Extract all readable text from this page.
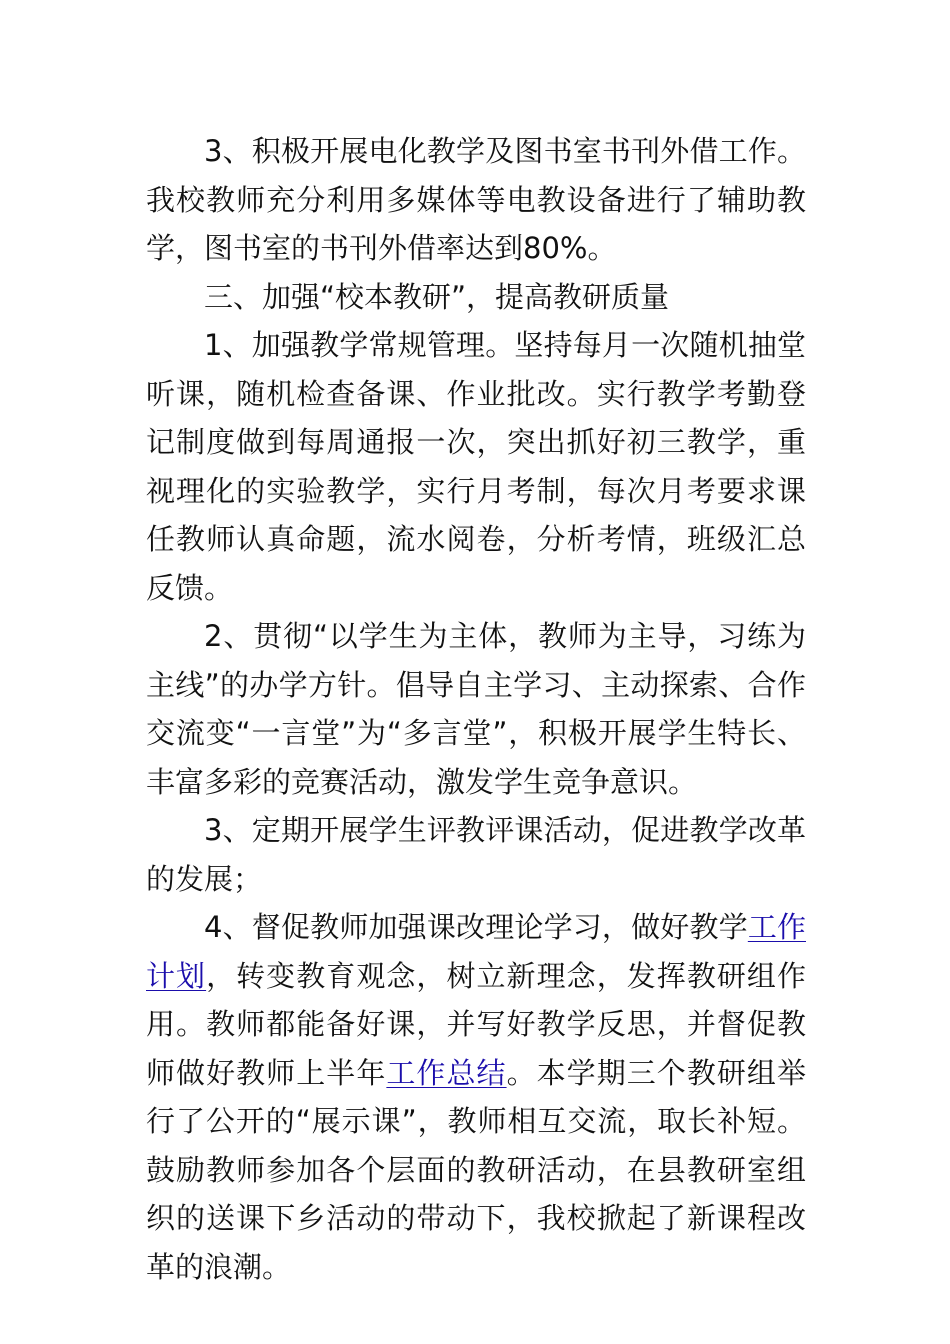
3、积极开展电化教学及图书室书刊外借工作。我校教师充分利用多媒体等电教设备进行了辅助教学，图书室的书刊外借率达到80%。

三、加强“校本教研”，提高教研质量

1、加强教学常规管理。坚持每月一次随机抽堂听课，随机检查备课、作业批改。实行教学考勤登记制度做到每周通报一次，突出抓好初三教学，重视理化的实验教学，实行月考制，每次月考要求课任教师认真命题，流水阅卷，分析考情，班级汇总反馈。

2、贯彻“以学生为主体，教师为主导，习练为主线”的办学方针。倡导自主学习、主动探索、合作交流变“一言堂”为“多言堂”，积极开展学生特长、丰富多彩的竞赛活动，激发学生竞争意识。

3、定期开展学生评教评课活动，促进教学改革的发展；

4、督促教师加强课改理论学习，做好教学工作计划，转变教育观念，树立新理念，发挥教研组作用。教师都能备好课，并写好教学反思，并督促教师做好教师上半年工作总结。本学期三个教研组举行了公开的“展示课”，教师相互交流，取长补短。鼓励教师参加各个层面的教研活动，在县教研室组织的送课下乡活动的带动下，我校掀起了新课程改革的浪潮。
